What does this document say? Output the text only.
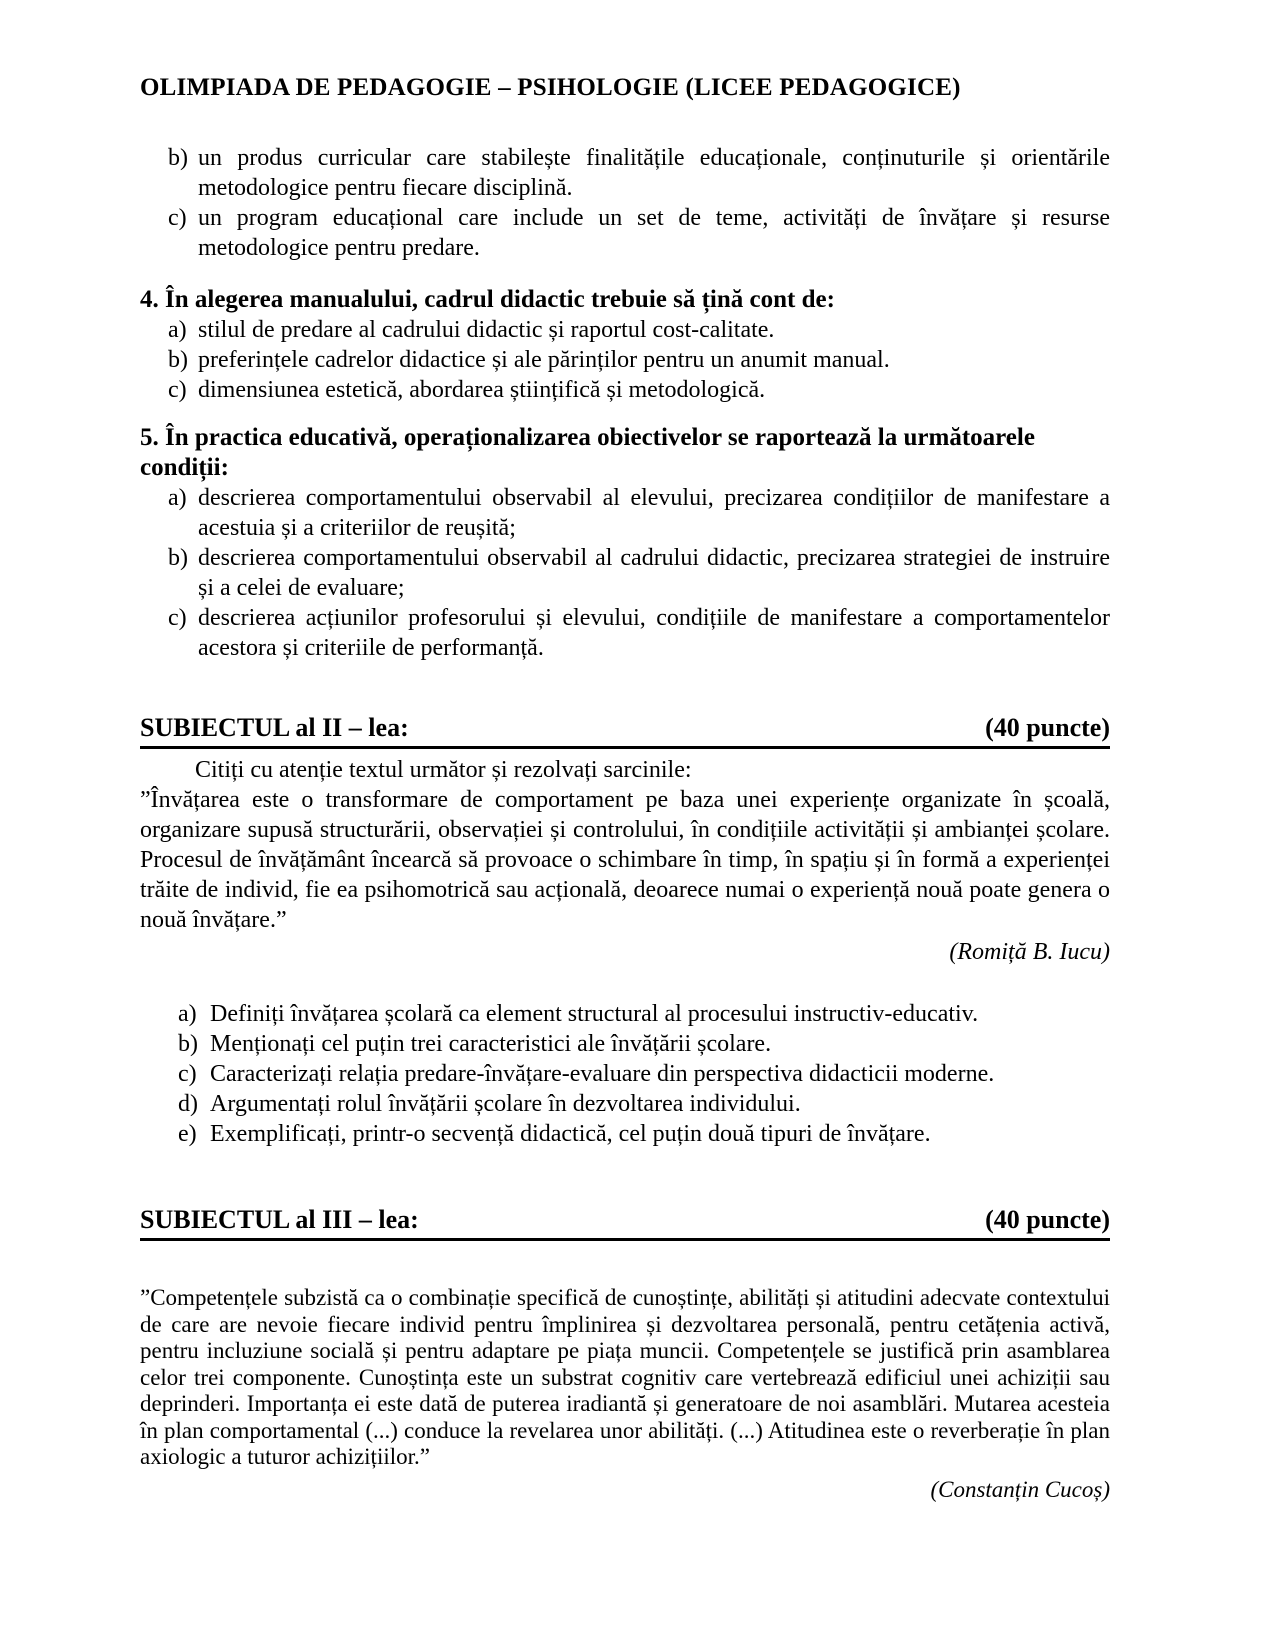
OLIMPIADA DE PEDAGOGIE – PSIHOLOGIE (LICEE PEDAGOGICE)
b) un produs curricular care stabilește finalitățile educaționale, conținuturile și orientările metodologice pentru fiecare disciplină.
c) un program educațional care include un set de teme, activități de învățare și resurse metodologice pentru predare.
4. În alegerea manualului, cadrul didactic trebuie să țină cont de:
a) stilul de predare al cadrului didactic și raportul cost-calitate.
b) preferințele cadrelor didactice și ale părinților pentru un anumit manual.
c) dimensiunea estetică, abordarea științifică și metodologică.
5. În practica educativă, operaționalizarea obiectivelor se raportează la următoarele condiții:
a) descrierea comportamentului observabil al elevului, precizarea condițiilor de manifestare a acestuia și a criteriilor de reușită;
b) descrierea comportamentului observabil al cadrului didactic, precizarea strategiei de instruire și a celei de evaluare;
c) descrierea acțiunilor profesorului și elevului, condițiile de manifestare a comportamentelor acestora și criteriile de performanță.
SUBIECTUL al II – lea:	(40 puncte)
Citiți cu atenție textul următor și rezolvați sarcinile:
”Învățarea este o transformare de comportament pe baza unei experiențe organizate în școală, organizare supusă structurării, observației și controlului, în condițiile activității și ambianței școlare. Procesul de învățământ încearcă să provoace o schimbare în timp, în spațiu și în formă a experienței trăite de individ, fie ea psihomotrică sau acțională, deoarece numai o experiență nouă poate genera o nouă învățare.”
(Romiță B. Iucu)
a) Definiți învățarea școlară ca element structural al procesului instructiv-educativ.
b) Menționați cel puțin trei caracteristici ale învățării școlare.
c) Caracterizați relația predare-învățare-evaluare din perspectiva didacticii moderne.
d) Argumentați rolul învățării școlare în dezvoltarea individului.
e) Exemplificați, printr-o secvență didactică, cel puțin două tipuri de învățare.
SUBIECTUL al III – lea:	(40 puncte)
”Competențele subzistă ca o combinație specifică de cunoștințe, abilități și atitudini adecvate contextului de care are nevoie fiecare individ pentru împlinirea și dezvoltarea personală, pentru cetățenia activă, pentru incluziune socială și pentru adaptare pe piața muncii. Competențele se justifică prin asamblarea celor trei componente. Cunoștința este un substrat cognitiv care vertebrează edificiul unei achiziții sau deprinderi. Importanța ei este dată de puterea iradiantă și generatoare de noi asamblări. Mutarea acesteia în plan comportamental (...) conduce la revelarea unor abilități. (...) Atitudinea este o reverberație în plan axiologic a tuturor achizițiilor.”
(Constanțin Cucoș)
